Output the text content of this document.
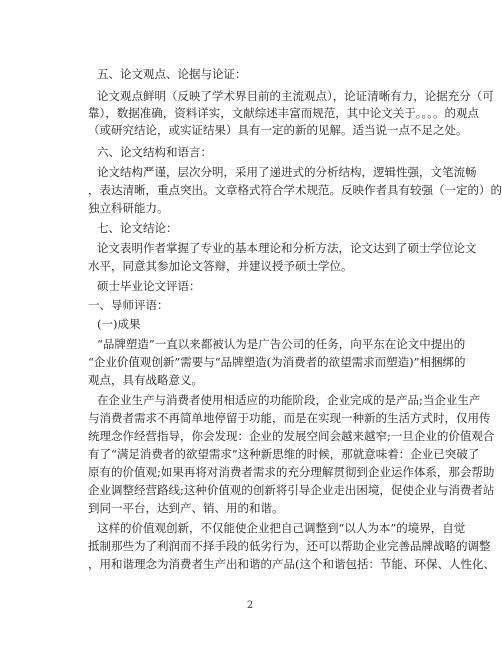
五、论文观点、论据与论证：
论文观点鲜明（反映了学术界目前的主流观点），论证清晰有力，论据充分（可
靠），数据准确，资料详实，文献综述丰富而规范，其中论文关于。。。。的观点
（或研究结论，或实证结果）具有一定的新的见解。适当说一点不足之处。
六、论文结构和语言：
论文结构严谨，层次分明，采用了递进式的分析结构，逻辑性强，文笔流畅
，表达清晰，重点突出。文章格式符合学术规范。反映作者具有较强（一定的）的
独立科研能力。
七、论文结论：
论文表明作者掌握了专业的基本理论和分析方法，论文达到了硕士学位论文
水平，同意其参加论文答辩，并建议授予硕士学位。
硕士毕业论文评语：
一、导师评语：
(一)成果
“品牌塑造”一直以来都被认为是广告公司的任务，向平东在论文中提出的
“企业价值观创新”需要与“品牌塑造(为消费者的欲望需求而塑造)”相捆绑的
观点，具有战略意义。
在企业生产与消费者使用相适应的功能阶段，企业完成的是产品;当企业生产
与消费者需求不再简单地停留于功能，而是在实现一种新的生活方式时，仅用传
统理念作经营指导，你会发现：企业的发展空间会越来越窄;一旦企业的价值观合
有了“满足消费者的欲望需求”这种新思维的时候，那就意味着：企业已突破了
原有的价值观;如果再将对消费者需求的充分理解贯彻到企业运作体系，那会帮助
企业调整经营路线;这种价值观的创新将引导企业走出困境，促使企业与消费者站
到同一平台，达到产、销、用的和谐。
这样的价值观创新，不仅能使企业把自己调整到“以人为本”的境界，自觉
抵制那些为了利润而不择手段的低劣行为，还可以帮助企业完善品牌战略的调整
，用和谐理念为消费者生产出和谐的产品(这个和谐包括：节能、环保、人性化、
2
